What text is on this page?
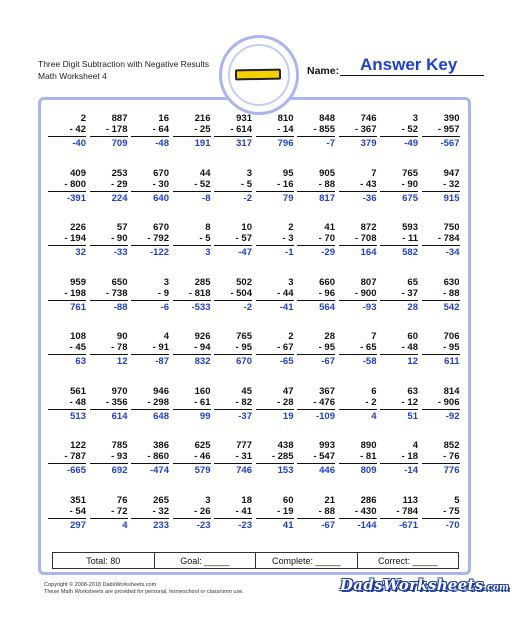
Three Digit Subtraction with Negative Results
Math Worksheet 4	Name: Answer Key
2
- 42
-40
887
- 178
709
16
- 64
-48
216
- 25
191
931
- 614
317
810
- 14
796
848
- 855
-7
746
- 367
379
3
- 52
-49
390
- 957
-567
409
- 800
-391
253
- 29
224
670
- 30
640
44
- 52
-8
3
- 5
-2
95
- 16
79
905
- 88
817
7
- 43
-36
765
- 90
675
947
- 32
915
226
- 194
32
57
- 90
-33
670
- 792
-122
8
- 5
3
10
- 57
-47
2
- 3
-1
41
- 70
-29
872
- 708
164
593
- 11
582
750
- 784
-34
959
- 198
761
650
- 738
-88
3
- 9
-6
285
- 818
-533
502
- 504
-2
3
- 44
-41
660
- 96
564
807
- 900
-93
65
- 37
28
630
- 88
542
108
- 45
63
90
- 78
12
4
- 91
-87
926
- 94
832
765
- 95
670
2
- 67
-65
28
- 95
-67
7
- 65
-58
60
- 48
12
706
- 95
611
561
- 48
513
970
- 356
614
946
- 298
648
160
- 61
99
45
- 82
-37
47
- 28
19
367
- 476
-109
6
- 2
4
63
- 12
51
814
- 906
-92
122
- 787
-665
785
- 93
692
386
- 860
-474
625
- 46
579
777
- 31
746
438
- 285
153
993
- 547
446
890
- 81
809
4
- 18
-14
852
- 76
776
351
- 54
297
76
- 72
4
265
- 32
233
3
- 26
-23
18
- 41
-23
60
- 19
41
21
- 88
-67
286
- 430
-144
113
- 784
-671
5
- 75
-70
Total: 80	Goal: _____	Complete: _____	Correct: _____
Copyright © 2008-2018 DadsWorksheets.com
These Math Worksheets are provided for personal, homeschool or classroom use.	DadsWorksheets.com
